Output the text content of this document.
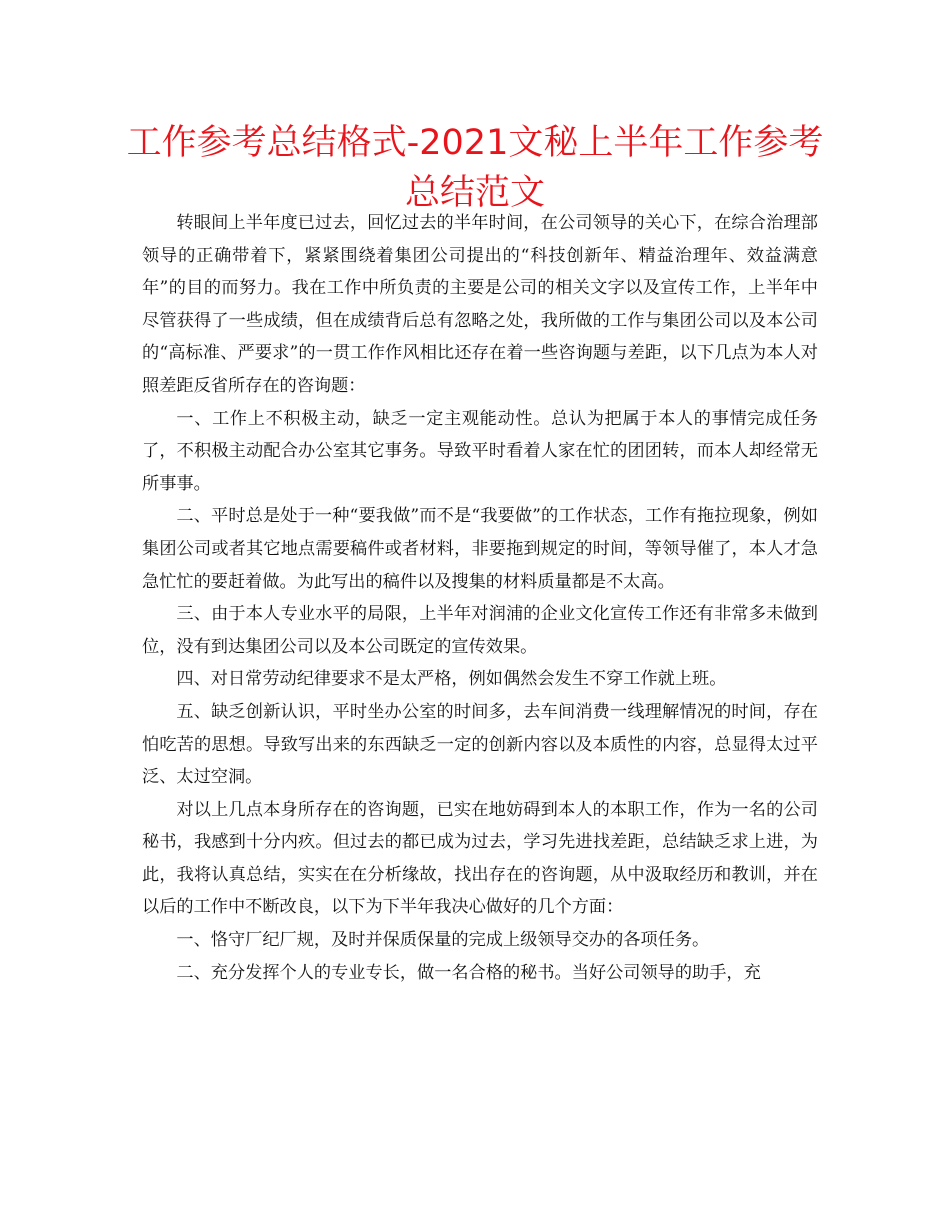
工作参考总结格式-2021文秘上半年工作参考总结范文

转眼间上半年度已过去，回忆过去的半年时间，在公司领导的关心下，在综合治理部领导的正确带着下，紧紧围绕着集团公司提出的“科技创新年、精益治理年、效益满意年”的目的而努力。我在工作中所负责的主要是公司的相关文字以及宣传工作，上半年中尽管获得了一些成绩，但在成绩背后总有忽略之处，我所做的工作与集团公司以及本公司的“高标准、严要求”的一贯工作作风相比还存在着一些咨询题与差距，以下几点为本人对照差距反省所存在的咨询题：

一、工作上不积极主动，缺乏一定主观能动性。总认为把属于本人的事情完成任务了，不积极主动配合办公室其它事务。导致平时看着人家在忙的团团转，而本人却经常无所事事。

二、平时总是处于一种“要我做”而不是“我要做”的工作状态，工作有拖拉现象，例如集团公司或者其它地点需要稿件或者材料，非要拖到规定的时间，等领导催了，本人才急急忙忙的要赶着做。为此写出的稿件以及搜集的材料质量都是不太高。

三、由于本人专业水平的局限，上半年对润浦的企业文化宣传工作还有非常多未做到位，没有到达集团公司以及本公司既定的宣传效果。

四、对日常劳动纪律要求不是太严格，例如偶然会发生不穿工作就上班。

五、缺乏创新认识，平时坐办公室的时间多，去车间消费一线理解情况的时间，存在怕吃苦的思想。导致写出来的东西缺乏一定的创新内容以及本质性的内容，总显得太过平泛、太过空洞。

对以上几点本身所存在的咨询题，已实在地妨碍到本人的本职工作，作为一名的公司秘书，我感到十分内疚。但过去的都已成为过去，学习先进找差距，总结缺乏求上进，为此，我将认真总结，实实在在分析缘故，找出存在的咨询题，从中汲取经历和教训，并在以后的工作中不断改良，以下为下半年我决心做好的几个方面：

一、恪守厂纪厂规，及时并保质保量的完成上级领导交办的各项任务。

二、充分发挥个人的专业专长，做一名合格的秘书。当好公司领导的助手，充
